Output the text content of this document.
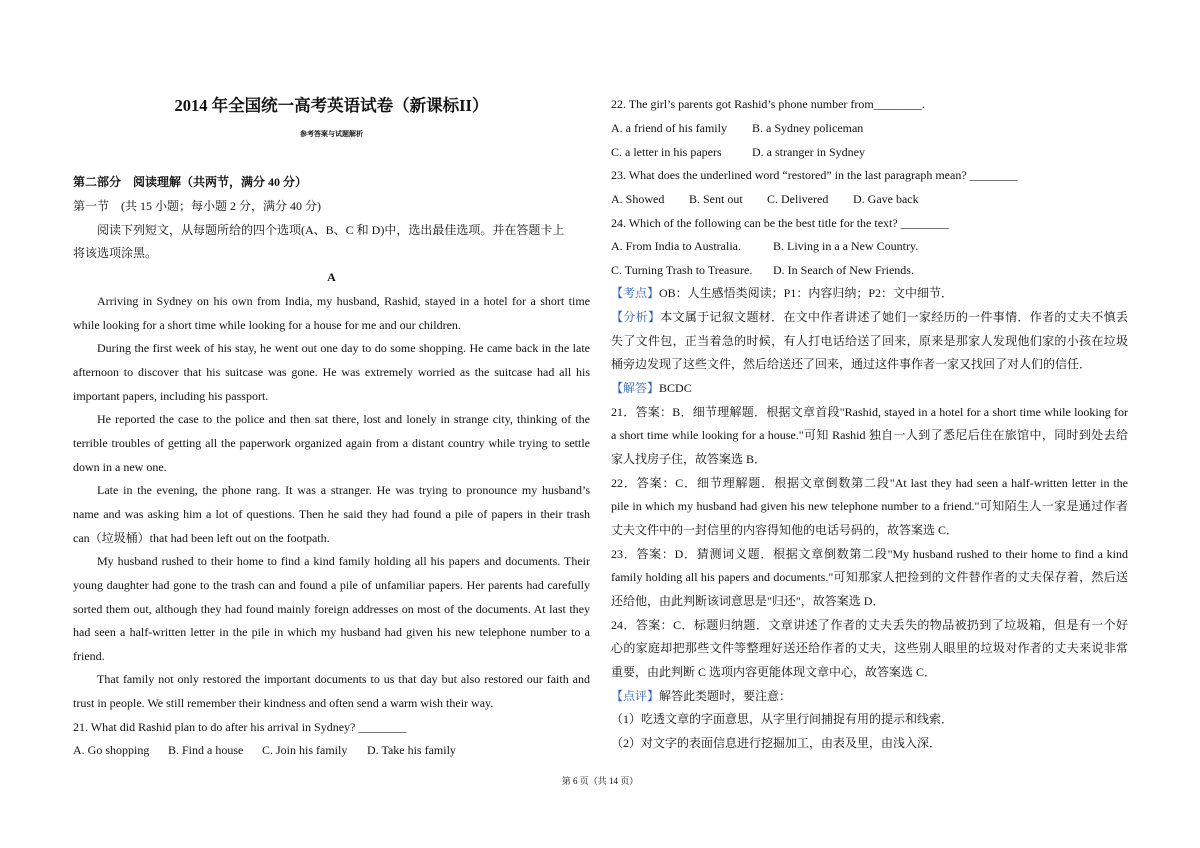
2014 年全国统一高考英语试卷（新课标II）
参考答案与试题解析
第二部分　阅读理解（共两节，满分 40 分）
第一节　(共 15 小题；每小题 2 分，满分 40 分)
阅读下列短文，从每题所给的四个选项(A、B、C 和 D)中，选出最佳选项。并在答题卡上
将该选项涂黑。
A
Arriving in Sydney on his own from India, my husband, Rashid, stayed in a hotel for a short time
while looking for a short time while looking for a house for me and our children.
During the first week of his stay, he went out one day to do some shopping. He came back in the late
afternoon to discover that his suitcase was gone. He was extremely worried as the suitcase had all his
important papers, including his passport.
He reported the case to the police and then sat there, lost and lonely in strange city, thinking of the
terrible troubles of getting all the paperwork organized again from a distant country while trying to settle
down in a new one.
Late in the evening, the phone rang. It was a stranger. He was trying to pronounce my husband’s
name and was asking him a lot of questions. Then he said they had found a pile of papers in their trash
can（垃圾桶）that had been left out on the footpath.
My husband rushed to their home to find a kind family holding all his papers and documents. Their
young daughter had gone to the trash can and found a pile of unfamiliar papers. Her parents had carefully
sorted them out, although they had found mainly foreign addresses on most of the documents. At last they
had seen a half-written letter in the pile in which my husband had given his new telephone number to a
friend.
That family not only restored the important documents to us that day but also restored our faith and
trust in people. We still remember their kindness and often send a warm wish their way.
21. What did Rashid plan to do after his arrival in Sydney? ________
A. Go shopping B. Find a house C. Join his family D. Take his family
22. The girl’s parents got Rashid’s phone number from________.
A. a friend of his family B. a Sydney policeman
C. a letter in his papers	D. a stranger in Sydney
23. What does the underlined word “restored” in the last paragraph mean? ________
A. Showed B. Sent out C. Delivered D. Gave back
24. Which of the following can be the best title for the text? ________
A. From India to Australia.	B. Living in a a New Country.
C. Turning Trash to Treasure. D. In Search of New Friends.
【考点】OB：人生感悟类阅读；P1：内容归纳；P2：文中细节．
【分析】本文属于记叙文题材．在文中作者讲述了她们一家经历的一件事情．作者的丈夫不慎丢
失了文件包，正当着急的时候，有人打电话给送了回来，原来是那家人发现他们家的小孩在垃圾
桶旁边发现了这些文件，然后给送还了回来，通过这件事作者一家又找回了对人们的信任．
【解答】BCDC
21．答案：B．细节理解题．根据文章首段"Rashid, stayed in a hotel for a short time while looking for
a short time while looking for a house."可知 Rashid 独自一人到了悉尼后住在旅馆中，同时到处去给
家人找房子住，故答案选 B．
22．答案：C．细节理解题．根据文章倒数第二段"At last they had seen a half-written letter in the
pile in which my husband had given his new telephone number to a friend."可知陌生人一家是通过作者
丈夫文件中的一封信里的内容得知他的电话号码的，故答案选 C．
23．答案：D．猜测词义题．根据文章倒数第二段"My husband rushed to their home to find a kind
family holding all his papers and documents."可知那家人把捡到的文件替作者的丈夫保存着，然后送
还给他，由此判断该词意思是"归还"，故答案选 D．
24．答案：C．标题归纳题．文章讲述了作者的丈夫丢失的物品被扔到了垃圾箱，但是有一个好
心的家庭却把那些文件等整理好送还给作者的丈夫，这些别人眼里的垃圾对作者的丈夫来说非常
重要，由此判断 C 选项内容更能体现文章中心，故答案选 C．
【点评】解答此类题时，要注意：
（1）吃透文章的字面意思，从字里行间捕捉有用的提示和线索．
（2）对文字的表面信息进行挖掘加工，由表及里，由浅入深．
第 6 页（共 14 页）
